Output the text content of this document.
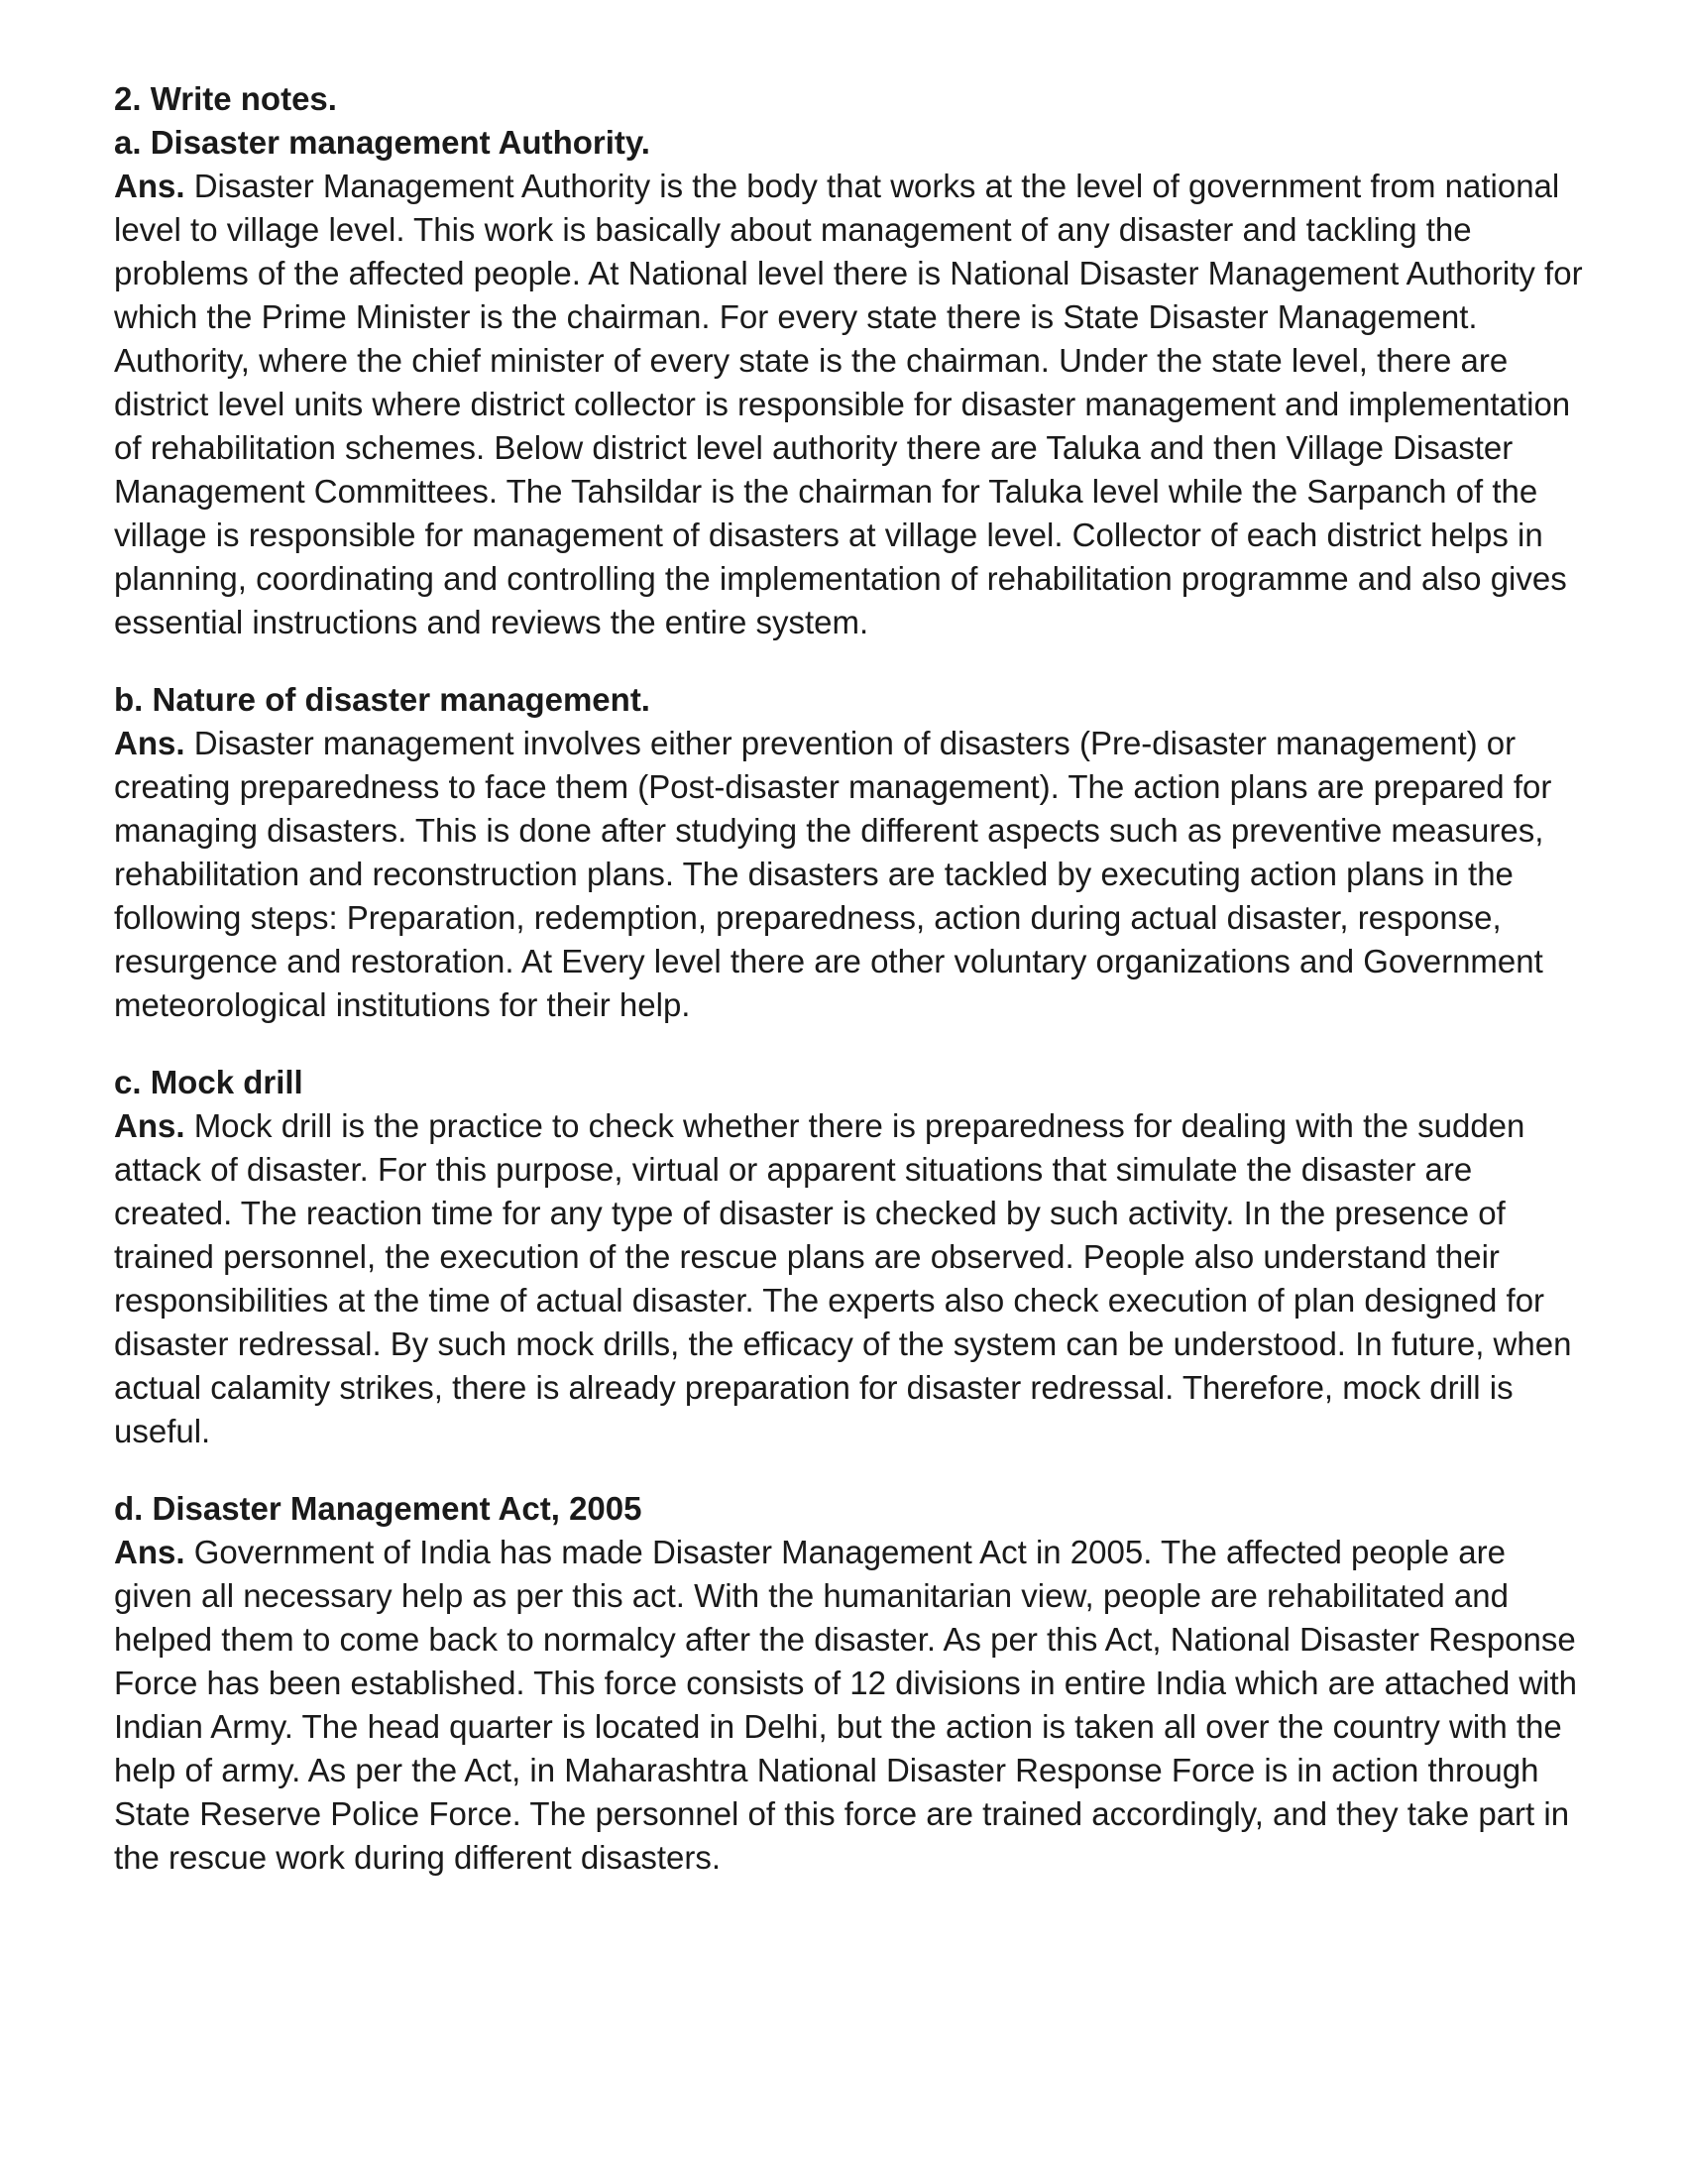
2. Write notes.

a. Disaster management Authority.

Ans. Disaster Management Authority is the body that works at the level of government from national level to village level. This work is basically about management of any disaster and tackling the problems of the affected people. At National level there is National Disaster Management Authority for which the Prime Minister is the chairman. For every state there is State Disaster Management. Authority, where the chief minister of every state is the chairman. Under the state level, there are district level units where district collector is responsible for disaster management and implementation of rehabilitation schemes. Below district level authority there are Taluka and then Village Disaster Management Committees. The Tahsildar is the chairman for Taluka level while the Sarpanch of the village is responsible for management of disasters at village level. Collector of each district helps in planning, coordinating and controlling the implementation of rehabilitation programme and also gives essential instructions and reviews the entire system.

b. Nature of disaster management.

Ans. Disaster management involves either prevention of disasters (Pre-disaster management) or creating preparedness to face them (Post-disaster management). The action plans are prepared for managing disasters. This is done after studying the different aspects such as preventive measures, rehabilitation and reconstruction plans. The disasters are tackled by executing action plans in the following steps: Preparation, redemption, preparedness, action during actual disaster, response, resurgence and restoration. At Every level there are other voluntary organizations and Government meteorological institutions for their help.

c. Mock drill

Ans. Mock drill is the practice to check whether there is preparedness for dealing with the sudden attack of disaster. For this purpose, virtual or apparent situations that simulate the disaster are created. The reaction time for any type of disaster is checked by such activity. In the presence of trained personnel, the execution of the rescue plans are observed. People also understand their responsibilities at the time of actual disaster. The experts also check execution of plan designed for disaster redressal. By such mock drills, the efficacy of the system can be understood. In future, when actual calamity strikes, there is already preparation for disaster redressal. Therefore, mock drill is useful.

d. Disaster Management Act, 2005

Ans. Government of India has made Disaster Management Act in 2005. The affected people are given all necessary help as per this act. With the humanitarian view, people are rehabilitated and helped them to come back to normalcy after the disaster. As per this Act, National Disaster Response Force has been established. This force consists of 12 divisions in entire India which are attached with Indian Army. The head quarter is located in Delhi, but the action is taken all over the country with the help of army. As per the Act, in Maharashtra National Disaster Response Force is in action through State Reserve Police Force. The personnel of this force are trained accordingly, and they take part in the rescue work during different disasters.
